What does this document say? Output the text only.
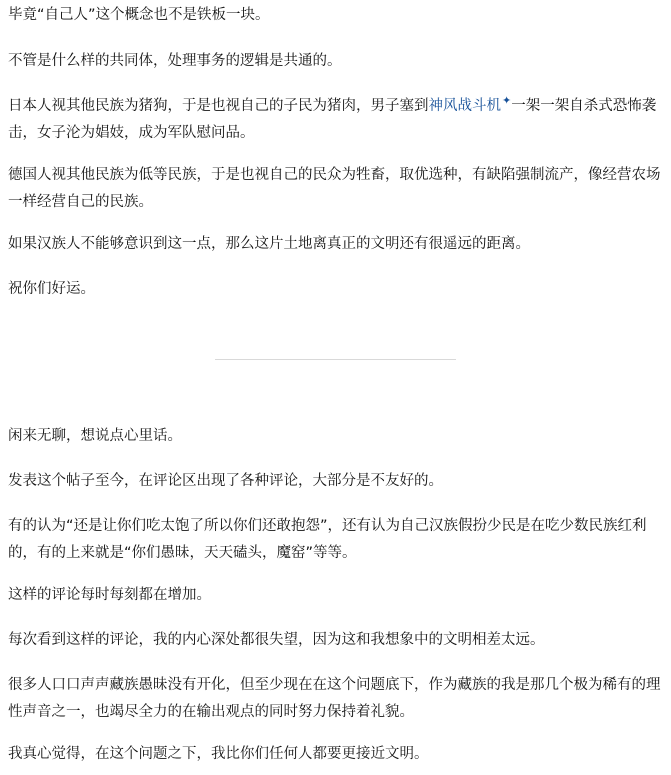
毕竟“自己人”这个概念也不是铁板一块。

不管是什么样的共同体，处理事务的逻辑是共通的。

日本人视其他民族为猪狗，于是也视自己的子民为猪肉，男子塞到神风战斗机✦一架一架自杀式恐怖袭击，女子沦为娼妓，成为军队慰问品。

德国人视其他民族为低等民族，于是也视自己的民众为牲畜，取优选种，有缺陷强制流产，像经营农场一样经营自己的民族。

如果汉族人不能够意识到这一点，那么这片土地离真正的文明还有很遥远的距离。

祝你们好运。

闲来无聊，想说点心里话。

发表这个帖子至今，在评论区出现了各种评论，大部分是不友好的。

有的认为“还是让你们吃太饱了所以你们还敢抱怨”，还有认为自己汉族假扮少民是在吃少数民族红利的，有的上来就是“你们愚昧，天天磕头，魔窑”等等。

这样的评论每时每刻都在增加。

每次看到这样的评论，我的内心深处都很失望，因为这和我想象中的文明相差太远。

很多人口口声声藏族愚昧没有开化，但至少现在在这个问题底下，作为藏族的我是那几个极为稀有的理性声音之一，也竭尽全力的在输出观点的同时努力保持着礼貌。

我真心觉得，在这个问题之下，我比你们任何人都要更接近文明。
